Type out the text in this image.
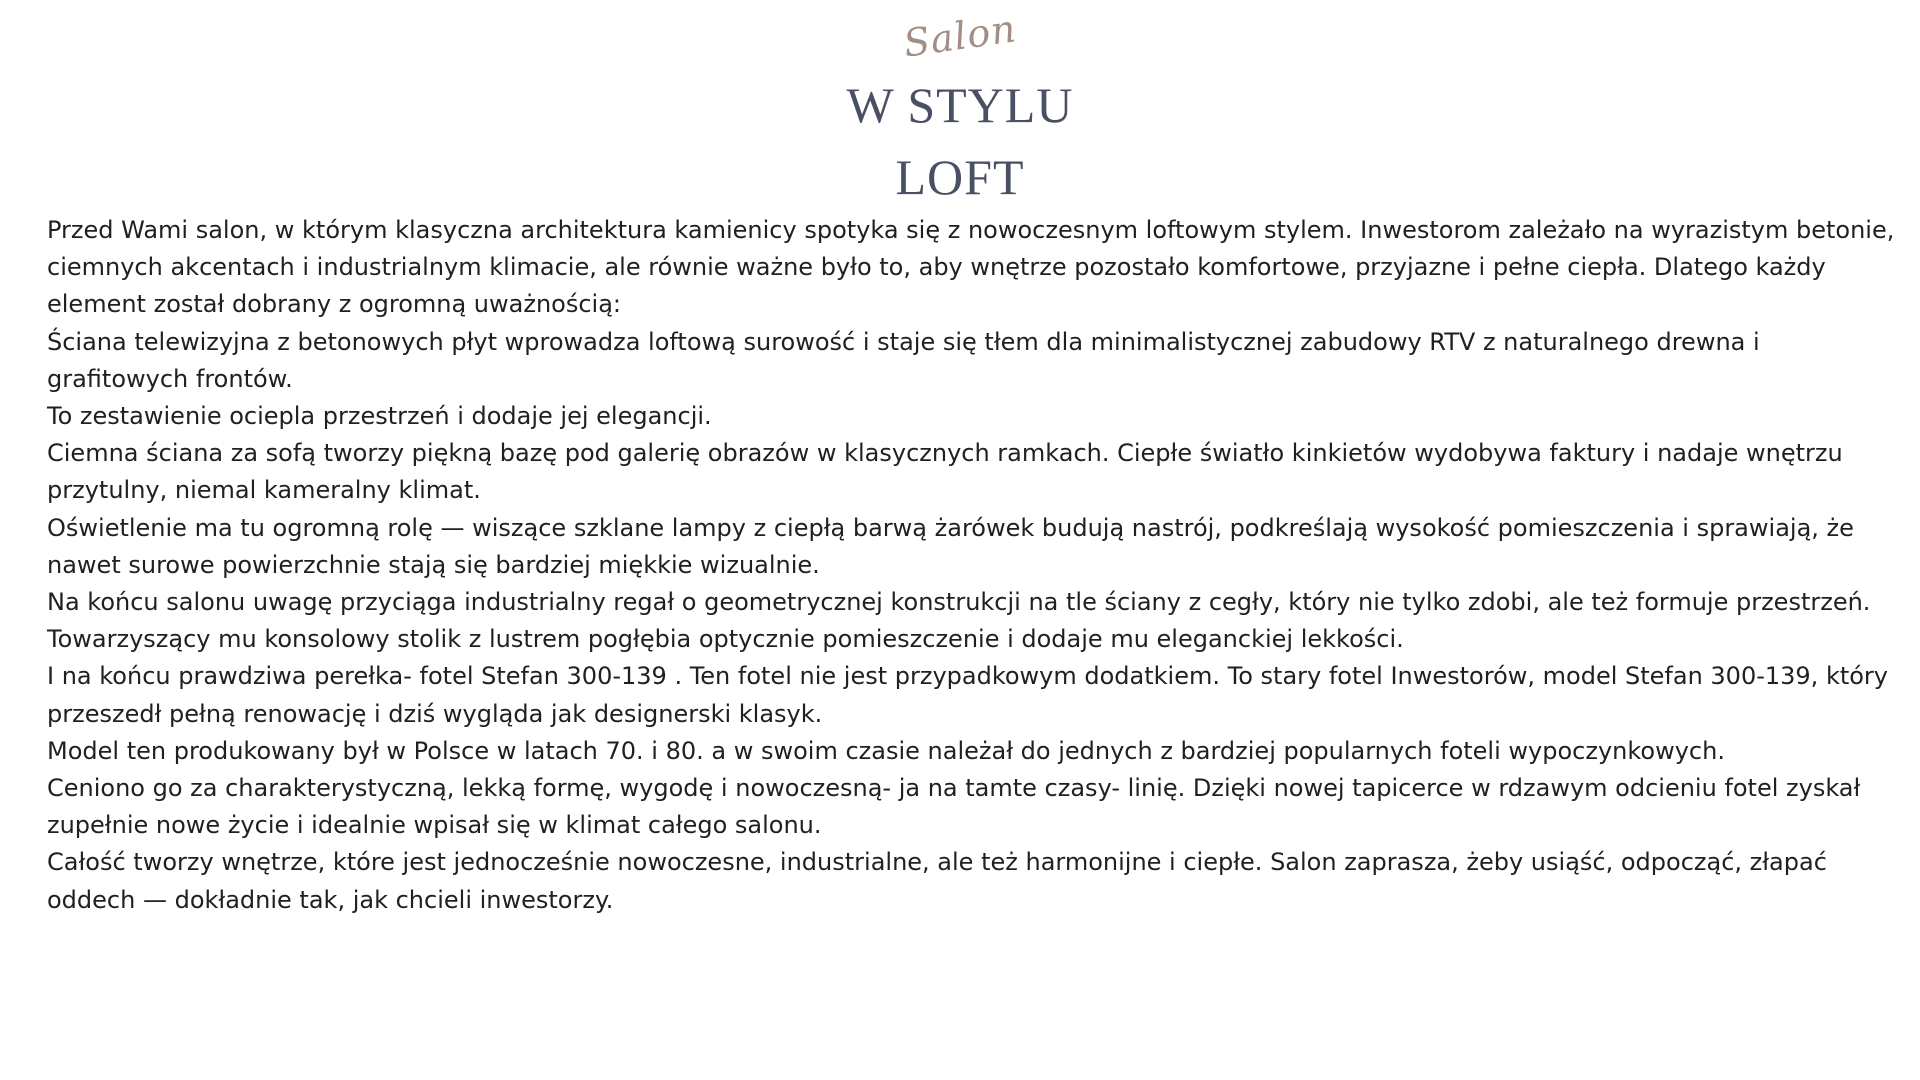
Salon
W STYLU
LOFT

Przed Wami salon, w którym klasyczna architektura kamienicy spotyka się z nowoczesnym loftowym stylem. Inwestorom zależało na wyrazistym betonie, ciemnych akcentach i industrialnym klimacie, ale równie ważne było to, aby wnętrze pozostało komfortowe, przyjazne i pełne ciepła. Dlatego każdy element został dobrany z ogromną uważnością:

Ściana telewizyjna z betonowych płyt wprowadza loftową surowość i staje się tłem dla minimalistycznej zabudowy RTV z naturalnego drewna i grafitowych frontów.

To zestawienie ociepla przestrzeń i dodaje jej elegancji.

Ciemna ściana za sofą tworzy piękną bazę pod galerię obrazów w klasycznych ramkach. Ciepłe światło kinkietów wydobywa faktury i nadaje wnętrzu przytulny, niemal kameralny klimat.

Oświetlenie ma tu ogromną rolę — wiszące szklane lampy z ciepłą barwą żarówek budują nastrój, podkreślają wysokość pomieszczenia i sprawiają, że nawet surowe powierzchnie stają się bardziej miękkie wizualnie.

Na końcu salonu uwagę przyciąga industrialny regał o geometrycznej konstrukcji na tle ściany z cegły, który nie tylko zdobi, ale też formuje przestrzeń. Towarzyszący mu konsolowy stolik z lustrem pogłębia optycznie pomieszczenie i dodaje mu eleganckiej lekkości.

I na końcu prawdziwa perełka- fotel Stefan 300-139 . Ten fotel nie jest przypadkowym dodatkiem. To stary fotel Inwestorów, model Stefan 300-139, który przeszedł pełną renowację i dziś wygląda jak designerski klasyk.

Model ten produkowany był w Polsce w latach 70. i 80. a w swoim czasie należał do jednych z bardziej popularnych foteli wypoczynkowych.

Ceniono go za charakterystyczną, lekką formę, wygodę i nowoczesną- ja na tamte czasy- linię. Dzięki nowej tapicerce w rdzawym odcieniu fotel zyskał zupełnie nowe życie i idealnie wpisał się w klimat całego salonu.

Całość tworzy wnętrze, które jest jednocześnie nowoczesne, industrialne, ale też harmonijne i ciepłe. Salon zaprasza, żeby usiąść, odpocząć, złapać oddech — dokładnie tak, jak chcieli inwestorzy.
